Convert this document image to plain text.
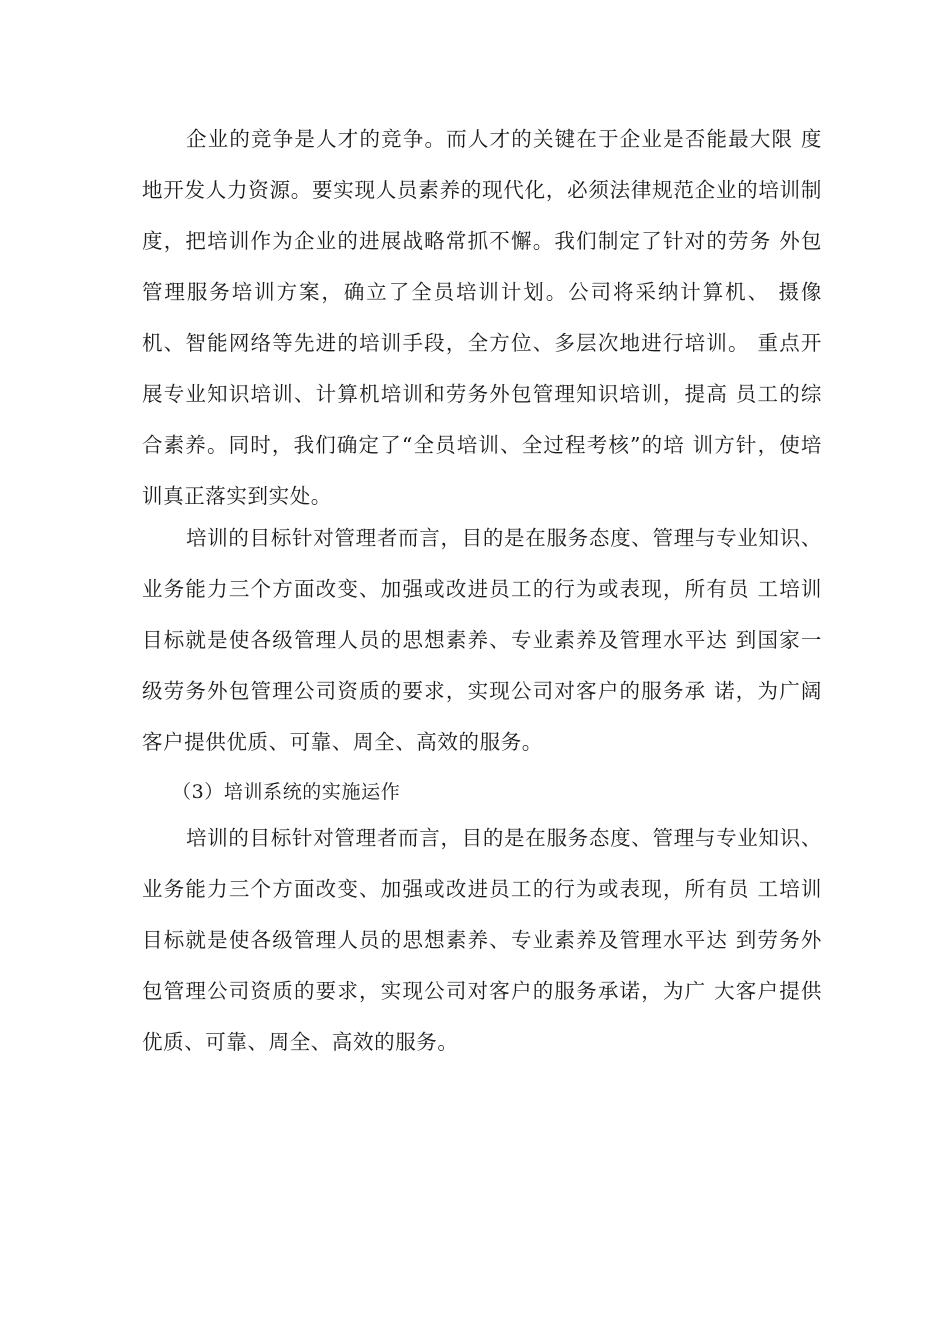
企业的竞争是人才的竞争。而人才的关键在于企业是否能最大限 度地开发人力资源。要实现人员素养的现代化，必须法律规范企业的培训制度，把培训作为企业的进展战略常抓不懈。我们制定了针对的劳务 外包管理服务培训方案，确立了全员培训计划。公司将采纳计算机、 摄像机、智能网络等先进的培训手段，全方位、多层次地进行培训。 重点开展专业知识培训、计算机培训和劳务外包管理知识培训，提高 员工的综合素养。同时，我们确定了“全员培训、全过程考核”的培 训方针，使培训真正落实到实处。

培训的目标针对管理者而言，目的是在服务态度、管理与专业知识、业务能力三个方面改变、加强或改进员工的行为或表现，所有员 工培训目标就是使各级管理人员的思想素养、专业素养及管理水平达 到国家一级劳务外包管理公司资质的要求，实现公司对客户的服务承 诺，为广阔客户提供优质、可靠、周全、高效的服务。

（3）培训系统的实施运作

培训的目标针对管理者而言，目的是在服务态度、管理与专业知识、业务能力三个方面改变、加强或改进员工的行为或表现，所有员 工培训目标就是使各级管理人员的思想素养、专业素养及管理水平达 到劳务外包管理公司资质的要求，实现公司对客户的服务承诺，为广 大客户提供优质、可靠、周全、高效的服务。
